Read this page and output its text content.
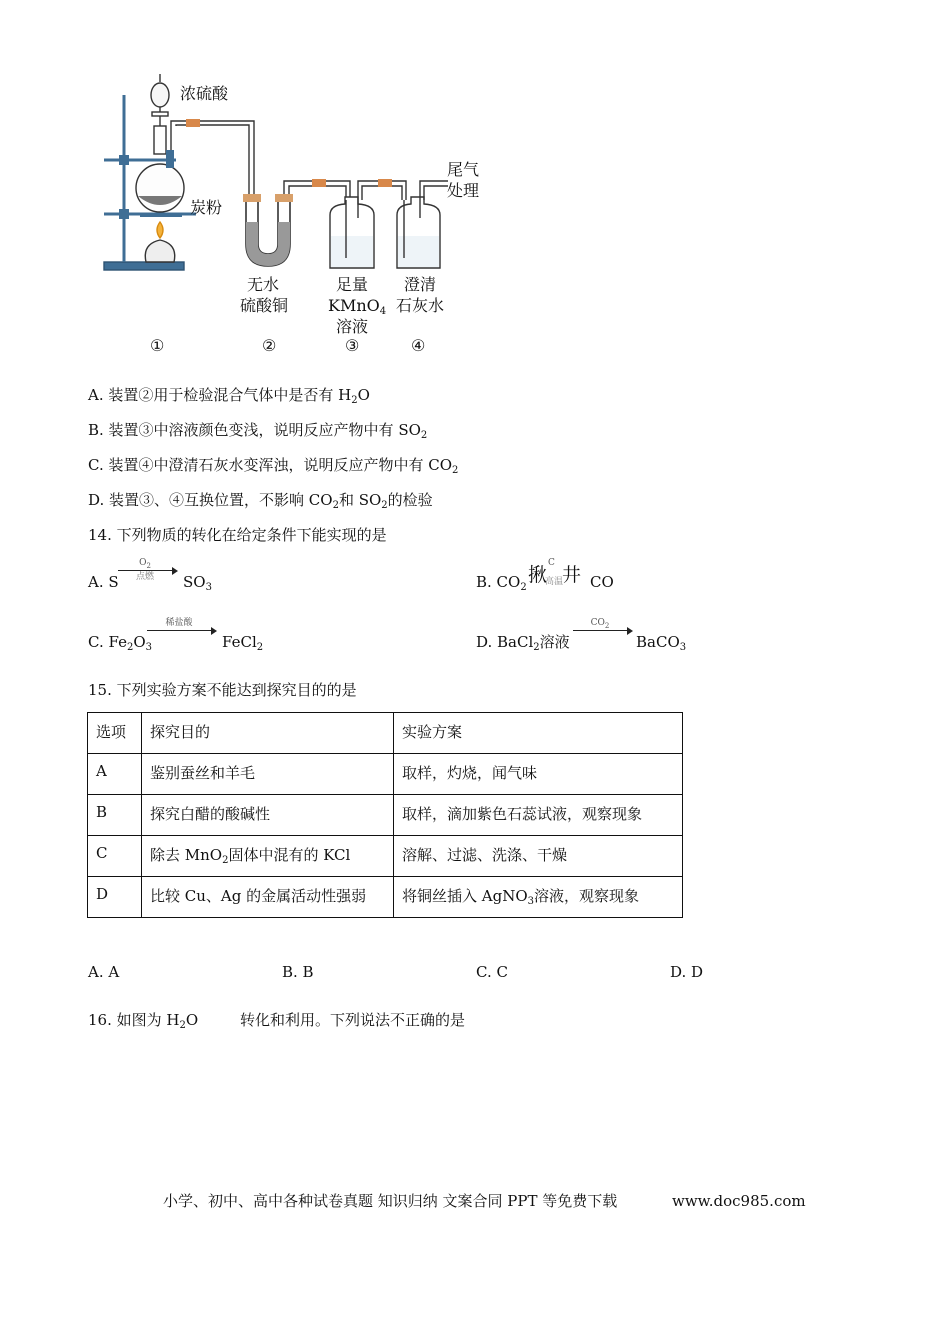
浓硫酸
炭粉
尾气
处理
无水
硫酸铜
足量
KMnO$_4$
溶液
澄清
石灰水
①	②	③	④
A. 装置②用于检验混合气体中是否有 $H_2O$
B. 装置③中溶液颜色变浅，说明反应产物中有 $SO_2$
C. 装置④中澄清石灰水变浑浊，说明反应产物中有 $CO_2$
D. 装置③、④互换位置，不影响 $CO_2$和 $SO_2$的检验
14. 下列物质的转化在给定条件下能实现的是
A. S
$O_2$
点燃	$SO_3$	B. $CO_2$
揪
C
井
高温 CO
C. $Fe_2O_3$
稀盐酸
FeCl$_2$	D. BaCl$_2$溶液
$CO_2$
BaCO$_3$
15. 下列实验方案不能达到探究目的的是
选项	探究目的	实验方案
A	鉴别蚕丝和羊毛	取样，灼烧，闻气味
B	探究白醋的酸碱性	取样，滴加紫色石蕊试液，观察现象
C	除去 MnO$_2$固体中混有的 KCl	溶解、过滤、洗涤、干燥
D	比较 Cu、Ag 的金属活动性强弱	将铜丝插入 AgNO$_3$溶液，观察现象
A. A	B. B	C. C	D. D
16. 如图为 $H_2O$	转化和利用。下列说法不正确的是
小学、初中、高中各种试卷真题 知识归纳 文案合同 PPT 等免费下载	www.doc985.com
